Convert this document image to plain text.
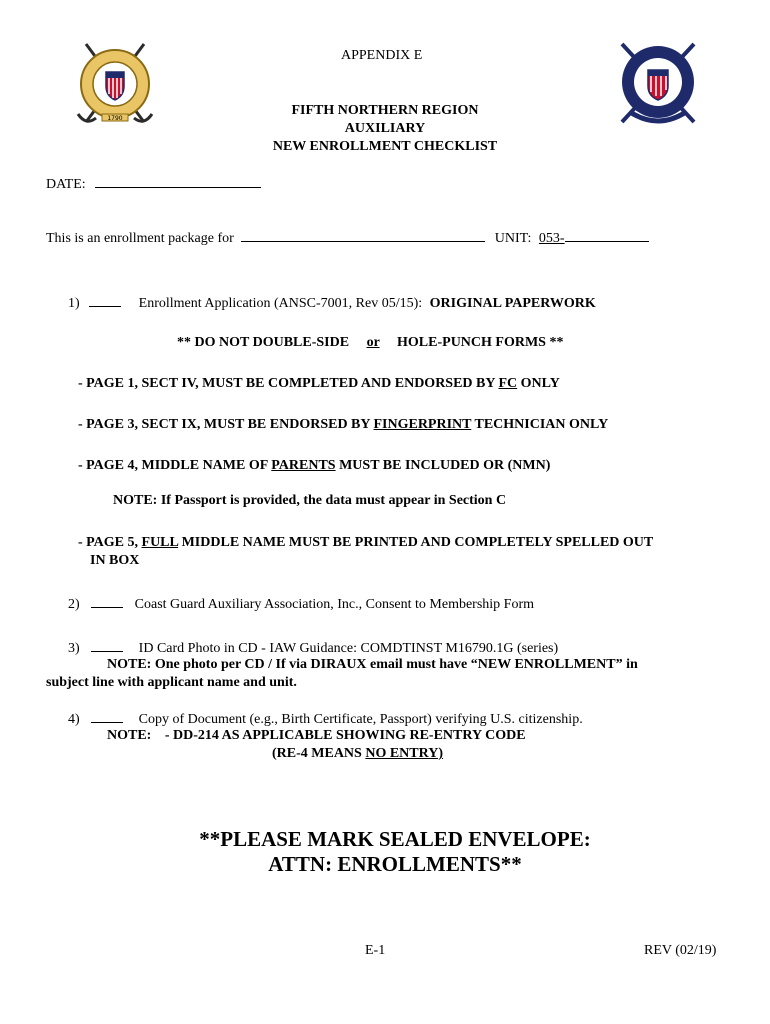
1790
APPENDIX E
FIFTH NORTHERN REGION
AUXILIARY
NEW ENROLLMENT CHECKLIST
DATE:
This is an enrollment package for	UNIT: 053-
1)	Enrollment Application (ANSC-7001, Rev 05/15): ORIGINAL PAPERWORK
** DO NOT DOUBLE-SIDE or HOLE-PUNCH FORMS **
- PAGE 1, SECT IV, MUST BE COMPLETED AND ENDORSED BY FC ONLY
- PAGE 3, SECT IX, MUST BE ENDORSED BY FINGERPRINT TECHNICIAN ONLY
- PAGE 4, MIDDLE NAME OF PARENTS MUST BE INCLUDED OR (NMN)
NOTE: If Passport is provided, the data must appear in Section C
- PAGE 5, FULL MIDDLE NAME MUST BE PRINTED AND COMPLETELY SPELLED OUT
IN BOX
2)	Coast Guard Auxiliary Association, Inc., Consent to Membership Form
3)	ID Card Photo in CD - IAW Guidance: COMDTINST M16790.1G (series)
NOTE: One photo per CD / If via DIRAUX email must have “NEW ENROLLMENT” in
subject line with applicant name and unit.
4)	Copy of Document (e.g., Birth Certificate, Passport) verifying U.S. citizenship.
NOTE: - DD-214 AS APPLICABLE SHOWING RE-ENTRY CODE
(RE-4 MEANS NO ENTRY)
**PLEASE MARK SEALED ENVELOPE:
ATTN: ENROLLMENTS**
E-1	REV (02/19)
